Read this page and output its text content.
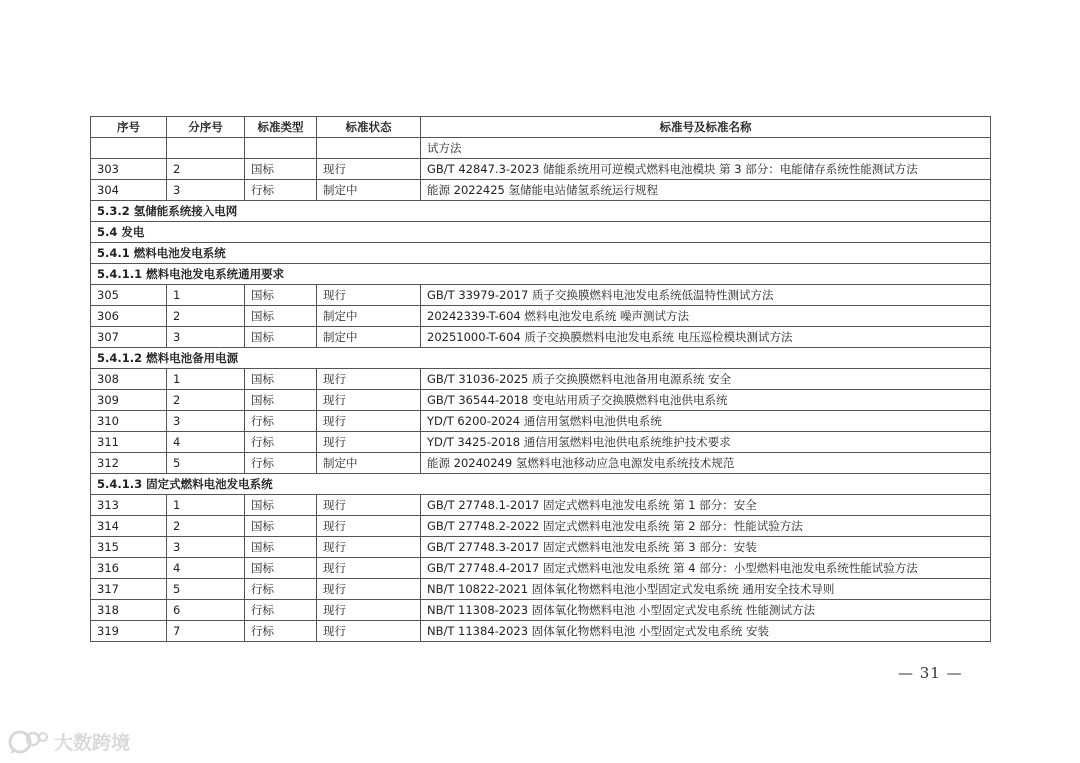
序号	分序号	标准类型	标准状态	标准号及标准名称
				试方法
303	2	国标	现行	GB/T 42847.3-2023 储能系统用可逆模式燃料电池模块 第 3 部分：电能储存系统性能测试方法
304	3	行标	制定中	能源 2022425 氢储能电站储氢系统运行规程
5.3.2 氢储能系统接入电网				
5.4 发电				
5.4.1 燃料电池发电系统				
5.4.1.1 燃料电池发电系统通用要求				
305	1	国标	现行	GB/T 33979-2017 质子交换膜燃料电池发电系统低温特性测试方法
306	2	国标	制定中	20242339-T-604 燃料电池发电系统 噪声测试方法
307	3	国标	制定中	20251000-T-604 质子交换膜燃料电池发电系统 电压巡检模块测试方法
5.4.1.2 燃料电池备用电源				
308	1	国标	现行	GB/T 31036-2025 质子交换膜燃料电池备用电源系统 安全
309	2	国标	现行	GB/T 36544-2018 变电站用质子交换膜燃料电池供电系统
310	3	行标	现行	YD/T 6200-2024 通信用氢燃料电池供电系统
311	4	行标	现行	YD/T 3425-2018 通信用氢燃料电池供电系统维护技术要求
312	5	行标	制定中	能源 20240249 氢燃料电池移动应急电源发电系统技术规范
5.4.1.3 固定式燃料电池发电系统				
313	1	国标	现行	GB/T 27748.1-2017 固定式燃料电池发电系统 第 1 部分：安全
314	2	国标	现行	GB/T 27748.2-2022 固定式燃料电池发电系统 第 2 部分：性能试验方法
315	3	国标	现行	GB/T 27748.3-2017 固定式燃料电池发电系统 第 3 部分：安装
316	4	国标	现行	GB/T 27748.4-2017 固定式燃料电池发电系统 第 4 部分：小型燃料电池发电系统性能试验方法
317	5	行标	现行	NB/T 10822-2021 固体氧化物燃料电池小型固定式发电系统 通用安全技术导则
318	6	行标	现行	NB/T 11308-2023 固体氧化物燃料电池 小型固定式发电系统 性能测试方法
319	7	行标	现行	NB/T 11384-2023 固体氧化物燃料电池 小型固定式发电系统 安装
— 31 —
大数跨境
